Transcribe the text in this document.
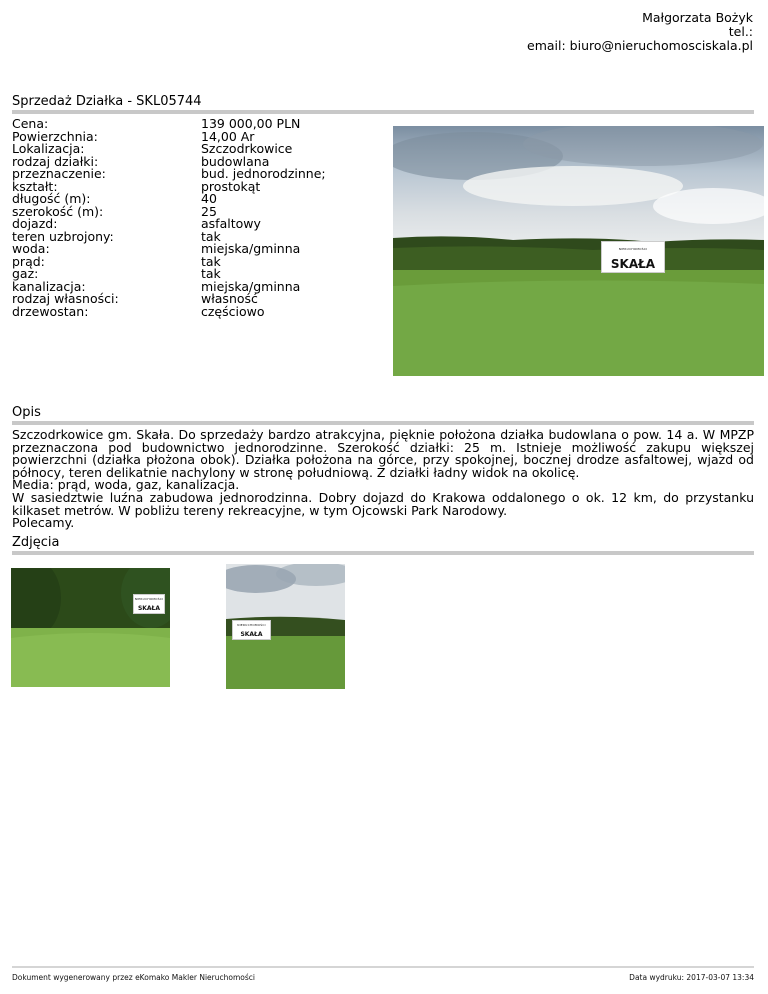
Małgorzata Bożyk
tel.:
email: biuro@nieruchomosciskala.pl
Sprzedaż Działka - SKL05744
Cena:	139 000,00 PLN
Powierzchnia:	14,00 Ar
Lokalizacja:	Szczodrkowice
rodzaj działki:	budowlana
przeznaczenie:	bud. jednorodzinne;
kształt:	prostokąt
długość (m):	40
szerokość (m):	25
dojazd:	asfaltowy
teren uzbrojony:	tak
woda:	miejska/gminna
prąd:	tak
gaz:	tak
kanalizacja:	miejska/gminna
rodzaj własności:	własność
drzewostan:	częściowo
NIERUCHOMOŚCI
SKAŁA
Opis

Szczodrkowice gm. Skała. Do sprzedaży bardzo atrakcyjna, pięknie położona działka budowlana o pow. 14 a. W MPZP przeznaczona pod budownictwo jednorodzinne. Szerokość działki: 25 m. Istnieje możliwość zakupu większej powierzchni (działka płożona obok). Działka położona na górce, przy spokojnej, bocznej drodze asfaltowej, wjazd od północy, teren delikatnie nachylony w stronę południową. Z działki ładny widok na okolicę.

Media: prąd, woda, gaz, kanalizacja.

W sasiedztwie luźna zabudowa jednorodzinna. Dobry dojazd do Krakowa oddalonego o ok. 12 km, do przystanku kilkaset metrów. W pobliżu tereny rekreacyjne, w tym Ojcowski Park Narodowy.

Polecamy.

Zdjęcia
NIERUCHOMOŚCI
SKAŁA
NIERUCHOMOŚCI
SKAŁA
Dokument wygenerowany przez eKomako Makler Nieruchomości	Data wydruku: 2017-03-07 13:34
